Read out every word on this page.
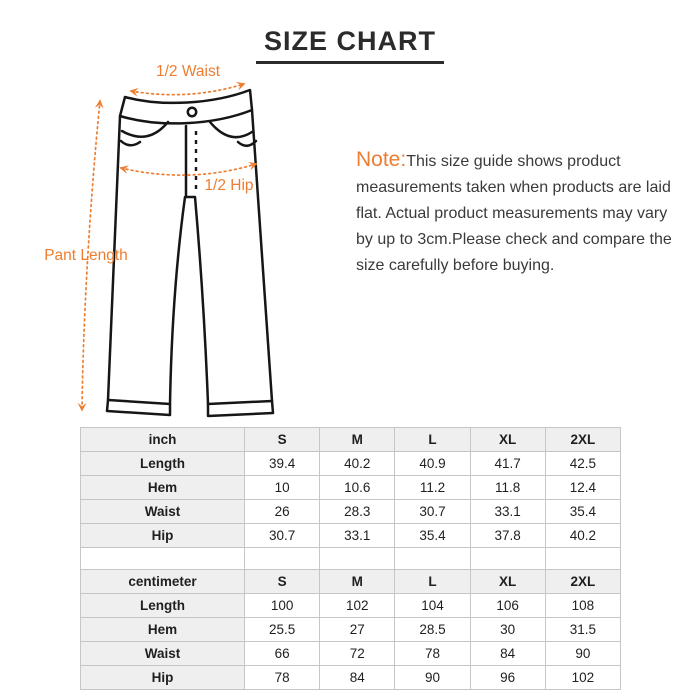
SIZE CHART
1/2 Waist
1/2 Hip
Pant Length
Note:This size guide shows product measurements taken when products are laid flat. Actual product measurements may vary by up to 3cm.Please check and compare the size carefully before buying.
inch	S	M	L	XL	2XL
Length	39.4	40.2	40.9	41.7	42.5
Hem	10	10.6	11.2	11.8	12.4
Waist	26	28.3	30.7	33.1	35.4
Hip	30.7	33.1	35.4	37.8	40.2

centimeter	S	M	L	XL	2XL
Length	100	102	104	106	108
Hem	25.5	27	28.5	30	31.5
Waist	66	72	78	84	90
Hip	78	84	90	96	102
